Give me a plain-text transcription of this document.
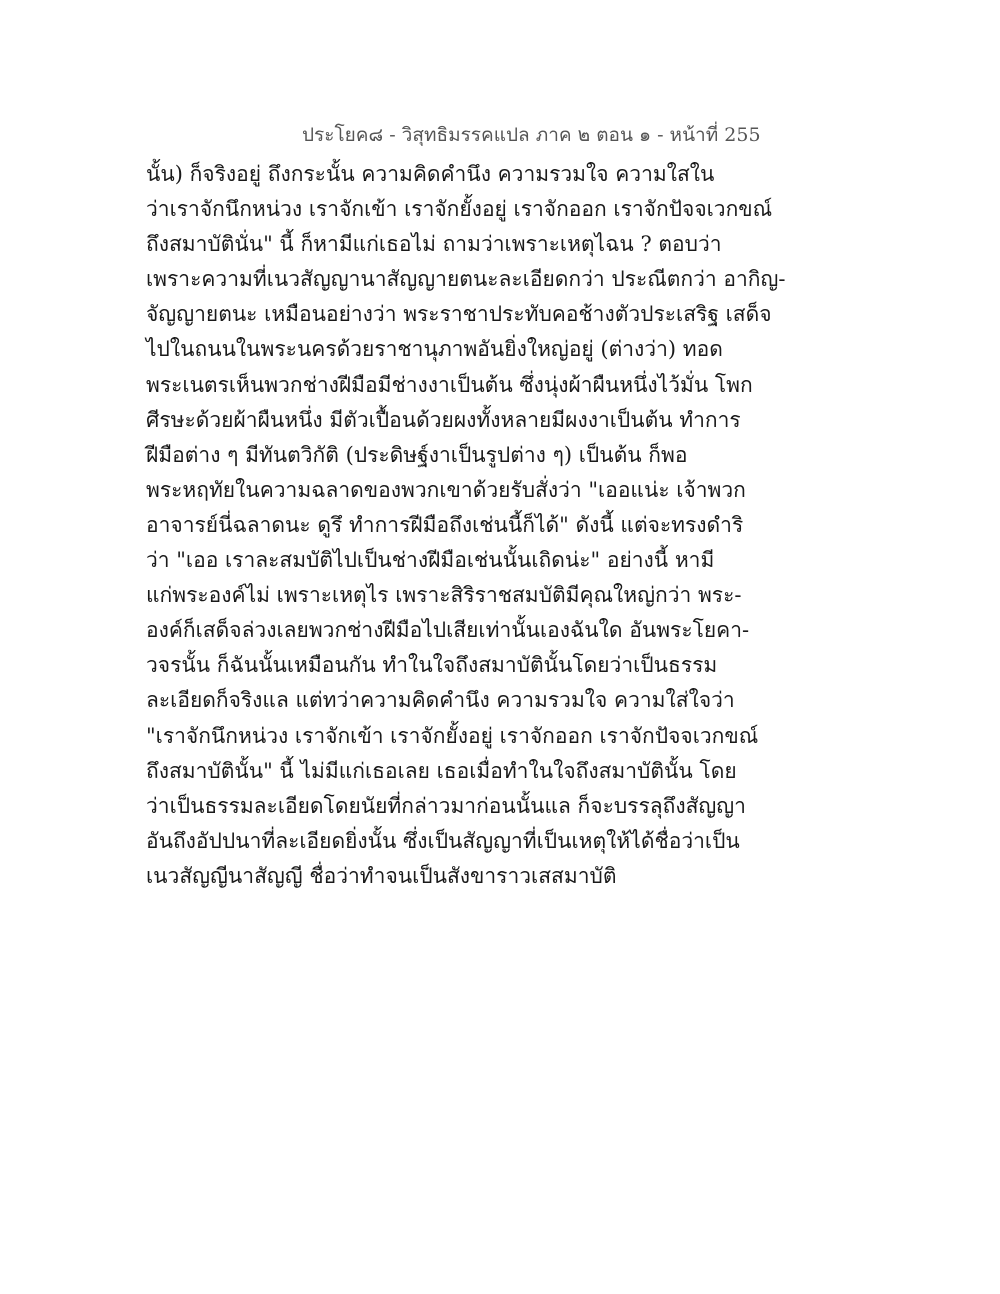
ประโยค๘ - วิสุทธิมรรคแปล ภาค ๒ ตอน ๑ - หน้าที่ 255
นั้น) ก็จริงอยู่ ถึงกระนั้น ความคิดคำนึง ความรวมใจ ความใสใน
ว่าเราจักนึกหน่วง เราจักเข้า เราจักยั้งอยู่ เราจักออก เราจักปัจจเวกขณ์
ถึงสมาบัตินั่น" นี้ ก็หามีแก่เธอไม่ ถามว่าเพราะเหตุไฉน ? ตอบว่า
เพราะความที่เนวสัญญานาสัญญายตนะละเอียดกว่า ประณีตกว่า อากิญ-
จัญญายตนะ เหมือนอย่างว่า พระราชาประทับคอช้างตัวประเสริฐ เสด็จ
ไปในถนนในพระนครด้วยราชานุภาพอันยิ่งใหญ่อยู่ (ต่างว่า) ทอด
พระเนตรเห็นพวกช่างฝีมือมีช่างงาเป็นต้น ซึ่งนุ่งผ้าผืนหนึ่งไว้มั่น โพก
ศีรษะด้วยผ้าผืนหนึ่ง มีตัวเปื้อนด้วยผงทั้งหลายมีผงงาเป็นต้น ทำการ
ฝีมือต่าง ๆ มีทันตวิกัติ (ประดิษฐ์งาเป็นรูปต่าง ๆ) เป็นต้น ก็พอ
พระหฤทัยในความฉลาดของพวกเขาด้วยรับสั่งว่า "เออแน่ะ เจ้าพวก
อาจารย์นี่ฉลาดนะ ดูรึ ทำการฝีมือถึงเช่นนี้ก็ได้" ดังนี้ แต่จะทรงดำริ
ว่า "เออ เราละสมบัติไปเป็นช่างฝีมือเช่นนั้นเถิดน่ะ" อย่างนี้ หามี
แก่พระองค์ไม่ เพราะเหตุไร เพราะสิริราชสมบัติมีคุณใหญ่กว่า พระ-
องค์ก็เสด็จล่วงเลยพวกช่างฝีมือไปเสียเท่านั้นเองฉันใด อันพระโยคา-
วจรนั้น ก็ฉันนั้นเหมือนกัน ทำในใจถึงสมาบัตินั้นโดยว่าเป็นธรรม
ละเอียดก็จริงแล แต่ทว่าความคิดคำนึง ความรวมใจ ความใส่ใจว่า
"เราจักนึกหน่วง เราจักเข้า เราจักยั้งอยู่ เราจักออก เราจักปัจจเวกขณ์
ถึงสมาบัตินั้น" นี้ ไม่มีแก่เธอเลย เธอเมื่อทำในใจถึงสมาบัตินั้น โดย
ว่าเป็นธรรมละเอียดโดยนัยที่กล่าวมาก่อนนั้นแล ก็จะบรรลุถึงสัญญา
อันถึงอัปปนาที่ละเอียดยิ่งนั้น ซึ่งเป็นสัญญาที่เป็นเหตุให้ได้ชื่อว่าเป็น
เนวสัญญีนาสัญญี ชื่อว่าทำจนเป็นสังขาราวเสสมาบัติ
